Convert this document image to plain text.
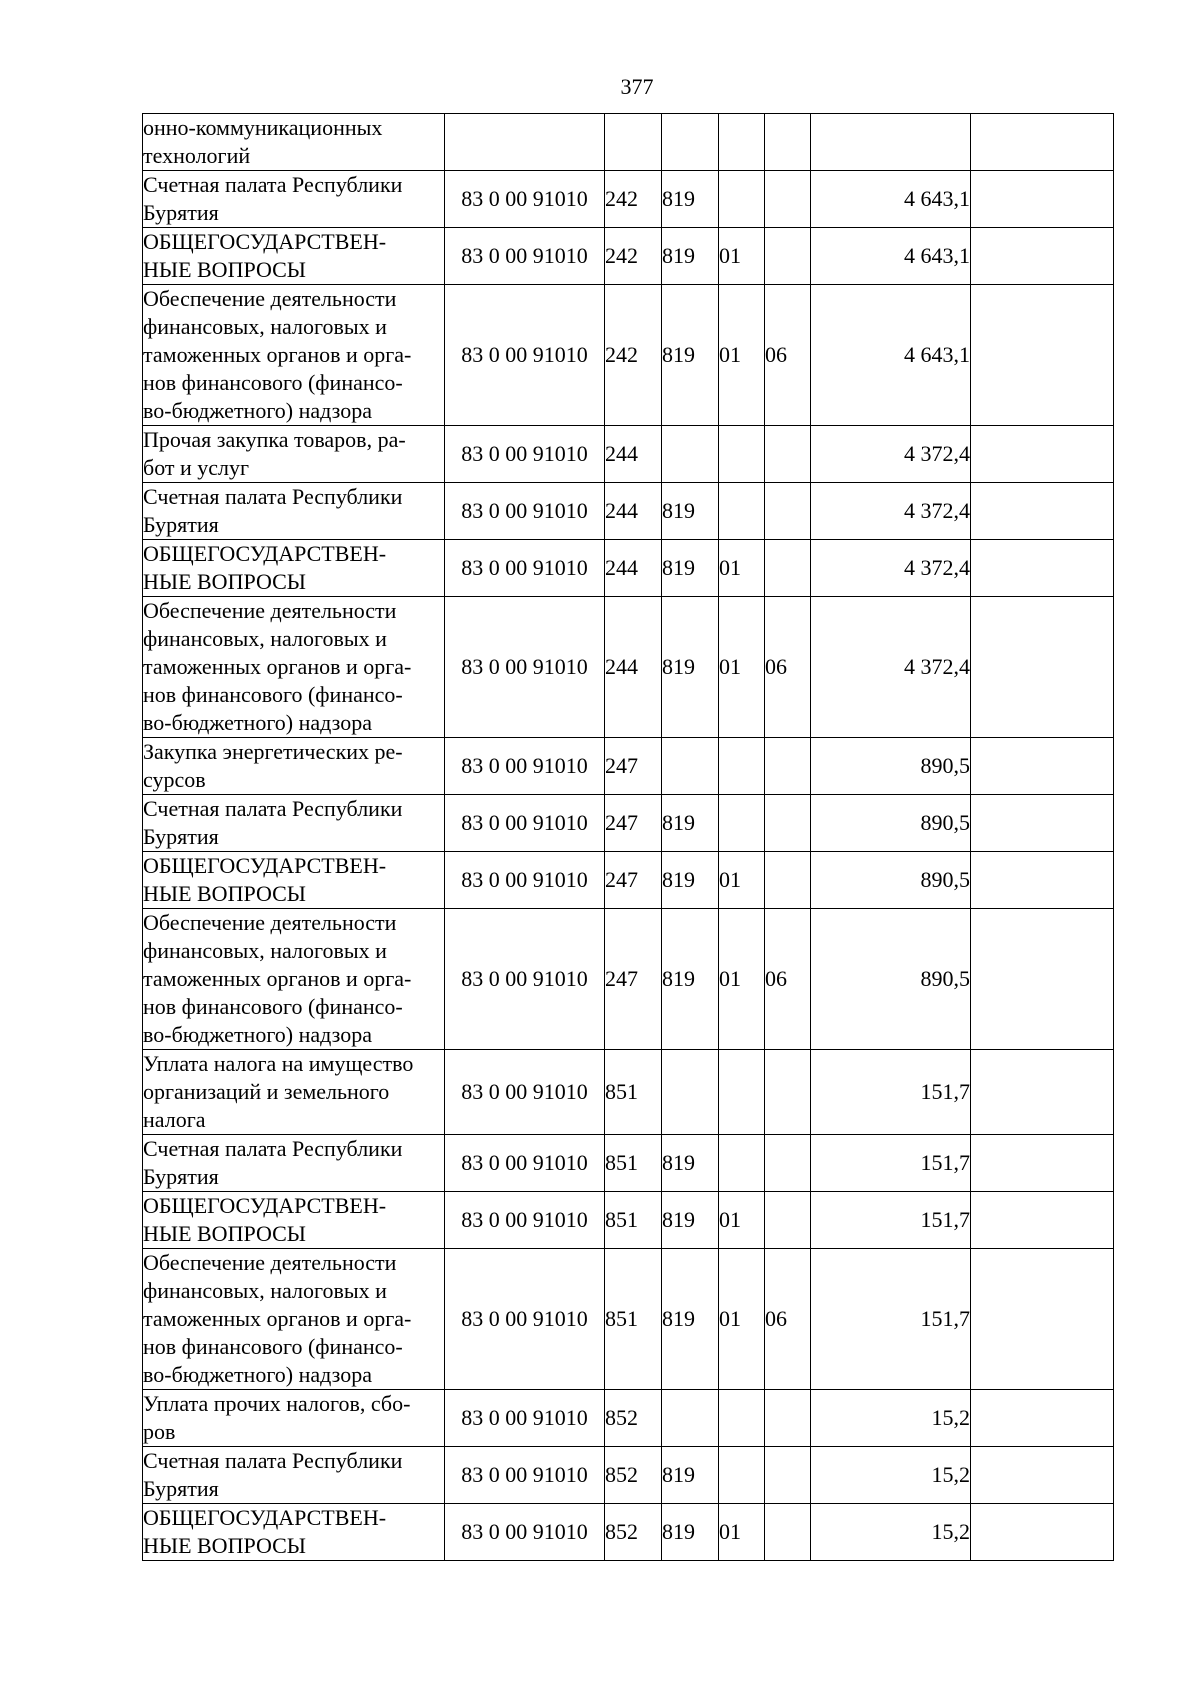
377
онно-коммуникационных
технологий							

Счетная палата Республики
Бурятия	83 0 00 91010	242	819			4 643,1	

ОБЩЕГОСУДАРСТВЕН-
НЫЕ ВОПРОСЫ	83 0 00 91010	242	819	01		4 643,1	

Обеспечение деятельности
финансовых, налоговых и
таможенных органов и орга-
нов финансового (финансо-
во-бюджетного) надзора	83 0 00 91010	242	819	01	06	4 643,1	

Прочая закупка товаров, ра-
бот и услуг	83 0 00 91010	244				4 372,4	

Счетная палата Республики
Бурятия	83 0 00 91010	244	819			4 372,4	

ОБЩЕГОСУДАРСТВЕН-
НЫЕ ВОПРОСЫ	83 0 00 91010	244	819	01		4 372,4	

Обеспечение деятельности
финансовых, налоговых и
таможенных органов и орга-
нов финансового (финансо-
во-бюджетного) надзора	83 0 00 91010	244	819	01	06	4 372,4	

Закупка энергетических ре-
сурсов	83 0 00 91010	247				890,5	

Счетная палата Республики
Бурятия	83 0 00 91010	247	819			890,5	

ОБЩЕГОСУДАРСТВЕН-
НЫЕ ВОПРОСЫ	83 0 00 91010	247	819	01		890,5	

Обеспечение деятельности
финансовых, налоговых и
таможенных органов и орга-
нов финансового (финансо-
во-бюджетного) надзора	83 0 00 91010	247	819	01	06	890,5	

Уплата налога на имущество
организаций и земельного
налога	83 0 00 91010	851				151,7	

Счетная палата Республики
Бурятия	83 0 00 91010	851	819			151,7	

ОБЩЕГОСУДАРСТВЕН-
НЫЕ ВОПРОСЫ	83 0 00 91010	851	819	01		151,7	

Обеспечение деятельности
финансовых, налоговых и
таможенных органов и орга-
нов финансового (финансо-
во-бюджетного) надзора	83 0 00 91010	851	819	01	06	151,7	

Уплата прочих налогов, сбо-
ров	83 0 00 91010	852				15,2	

Счетная палата Республики
Бурятия	83 0 00 91010	852	819			15,2	

ОБЩЕГОСУДАРСТВЕН-
НЫЕ ВОПРОСЫ	83 0 00 91010	852	819	01		15,2	
